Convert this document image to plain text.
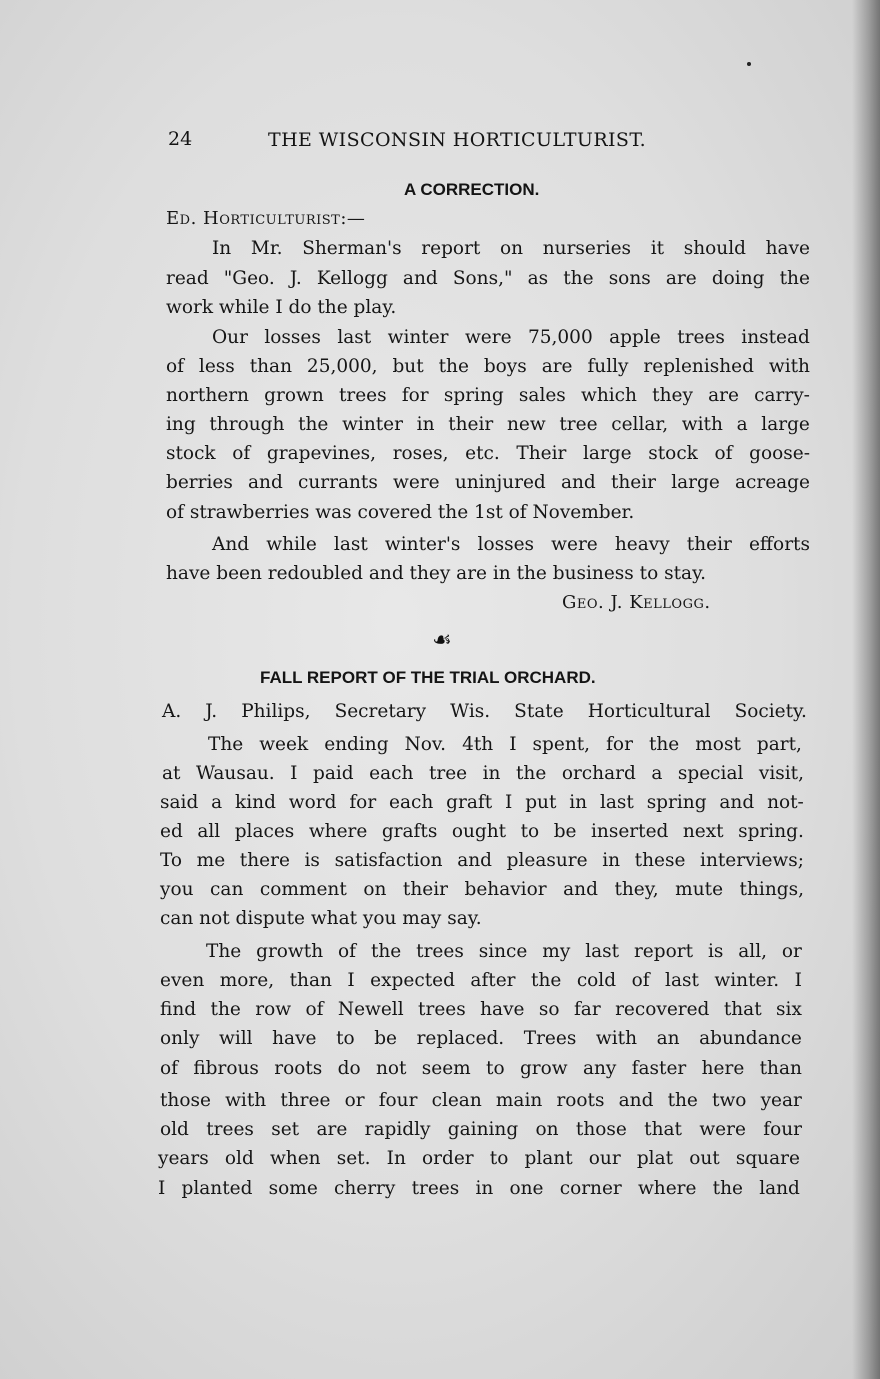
24	THE WISCONSIN HORTICULTURIST.
A CORRECTION.
Ed. Horticulturist:—
In Mr. Sherman's report on nurseries it should have
read "Geo. J. Kellogg and Sons," as the sons are doing the
work while I do the play.
Our losses last winter were 75,000 apple trees instead
of less than 25,000, but the boys are fully replenished with
northern grown trees for spring sales which they are carry-
ing through the winter in their new tree cellar, with a large
stock of grapevines, roses, etc. Their large stock of goose-
berries and currants were uninjured and their large acreage
of strawberries was covered the 1st of November.
And while last winter's losses were heavy their efforts
have been redoubled and they are in the business to stay.
Geo. J. Kellogg.
☙
FALL REPORT OF THE TRIAL ORCHARD.
A. J. Philips, Secretary Wis. State Horticultural Society.
The week ending Nov. 4th I spent, for the most part,
at Wausau. I paid each tree in the orchard a special visit,
said a kind word for each graft I put in last spring and not-
ed all places where grafts ought to be inserted next spring.
To me there is satisfaction and pleasure in these interviews;
you can comment on their behavior and they, mute things,
can not dispute what you may say.
The growth of the trees since my last report is all, or
even more, than I expected after the cold of last winter. I
find the row of Newell trees have so far recovered that six
only will have to be replaced. Trees with an abundance
of fibrous roots do not seem to grow any faster here than
those with three or four clean main roots and the two year
old trees set are rapidly gaining on those that were four
years old when set. In order to plant our plat out square
I planted some cherry trees in one corner where the land
